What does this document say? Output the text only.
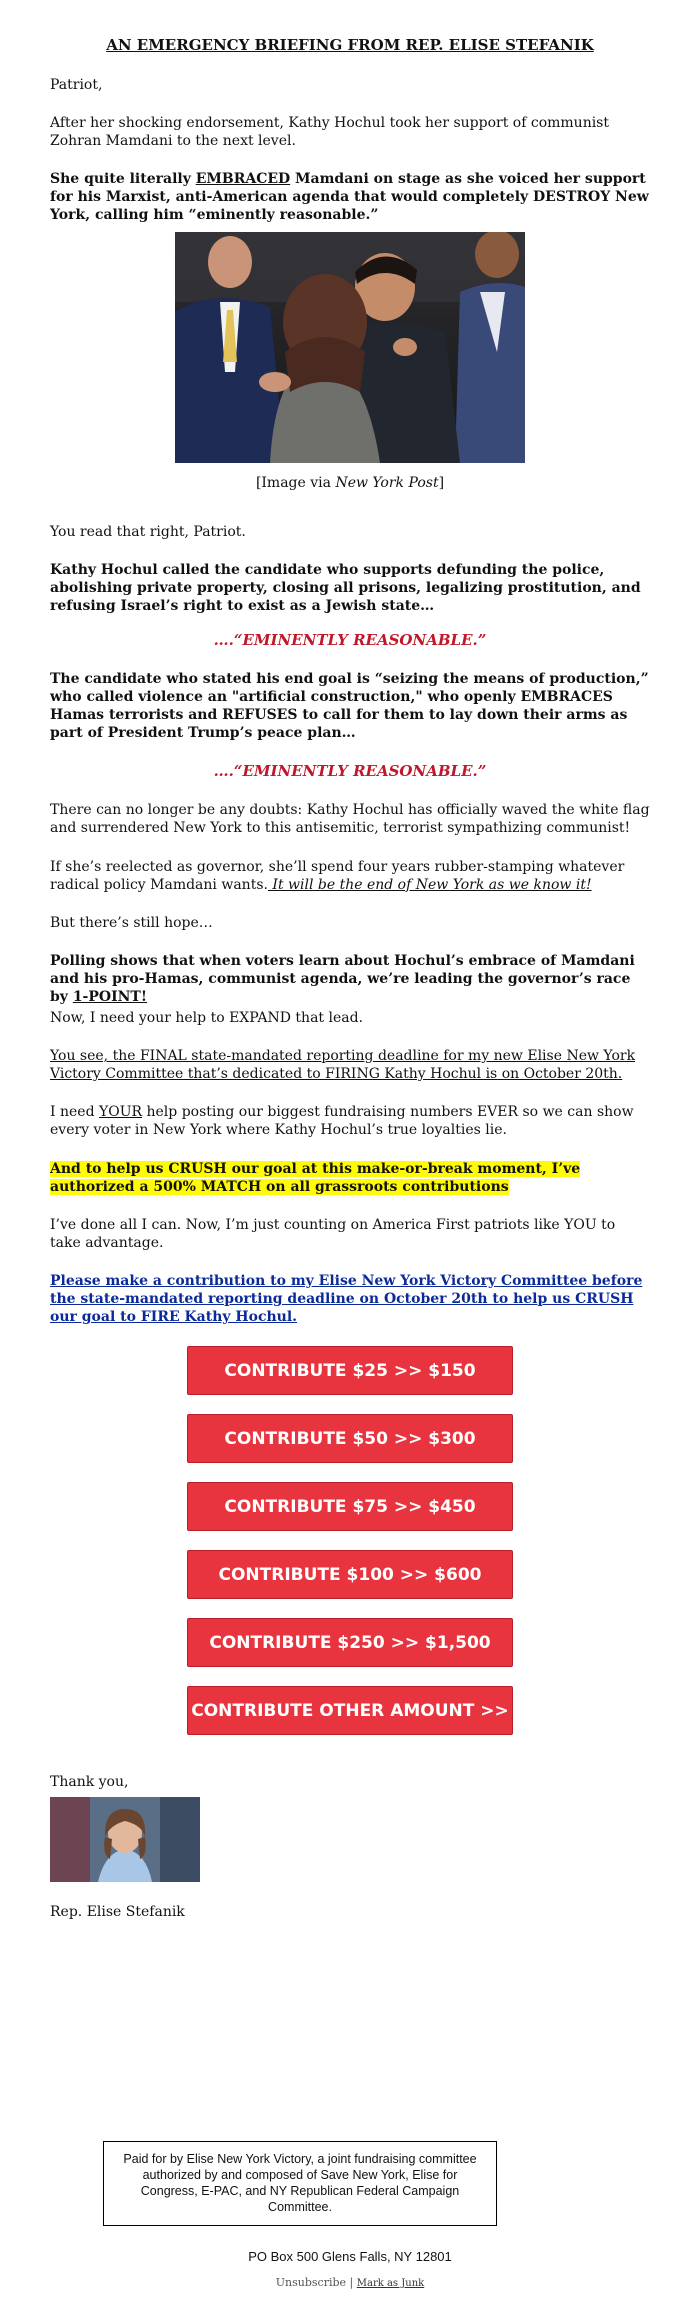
AN EMERGENCY BRIEFING FROM REP. ELISE STEFANIK

Patriot,

After her shocking endorsement, Kathy Hochul took her support of communist Zohran Mamdani to the next level.

She quite literally EMBRACED Mamdani on stage as she voiced her support for his Marxist, anti-American agenda that would completely DESTROY New York, calling him “eminently reasonable.”

[Image via New York Post]

You read that right, Patriot.

Kathy Hochul called the candidate who supports defunding the police, abolishing private property, closing all prisons, legalizing prostitution, and refusing Israel’s right to exist as a Jewish state…

….“EMINENTLY REASONABLE.”

The candidate who stated his end goal is “seizing the means of production,” who called violence an "artificial construction," who openly EMBRACES Hamas terrorists and REFUSES to call for them to lay down their arms as part of President Trump’s peace plan…

….“EMINENTLY REASONABLE.”

There can no longer be any doubts: Kathy Hochul has officially waved the white flag and surrendered New York to this antisemitic, terrorist sympathizing communist!

If she’s reelected as governor, she’ll spend four years rubber-stamping whatever radical policy Mamdani wants. It will be the end of New York as we know it!

But there’s still hope…

Polling shows that when voters learn about Hochul’s embrace of Mamdani and his pro-Hamas, communist agenda, we’re leading the governor’s race by 1-POINT!

Now, I need your help to EXPAND that lead.

You see, the FINAL state-mandated reporting deadline for my new Elise New York Victory Committee that’s dedicated to FIRING Kathy Hochul is on October 20th.

I need YOUR help posting our biggest fundraising numbers EVER so we can show every voter in New York where Kathy Hochul’s true loyalties lie.

And to help us CRUSH our goal at this make-or-break moment, I’ve authorized a 500% MATCH on all grassroots contributions

I’ve done all I can. Now, I’m just counting on America First patriots like YOU to take advantage.

Please make a contribution to my Elise New York Victory Committee before the state-mandated reporting deadline on October 20th to help us CRUSH our goal to FIRE Kathy Hochul.

CONTRIBUTE $25 >> $150
CONTRIBUTE $50 >> $300
CONTRIBUTE $75 >> $450
CONTRIBUTE $100 >> $600
CONTRIBUTE $250 >> $1,500
CONTRIBUTE OTHER AMOUNT >>

Thank you,

Rep. Elise Stefanik

Paid for by Elise New York Victory, a joint fundraising committee authorized by and composed of Save New York, Elise for Congress, E-PAC, and NY Republican Federal Campaign Committee.
PO Box 500 Glens Falls, NY 12801
Unsubscribe | Mark as Junk
